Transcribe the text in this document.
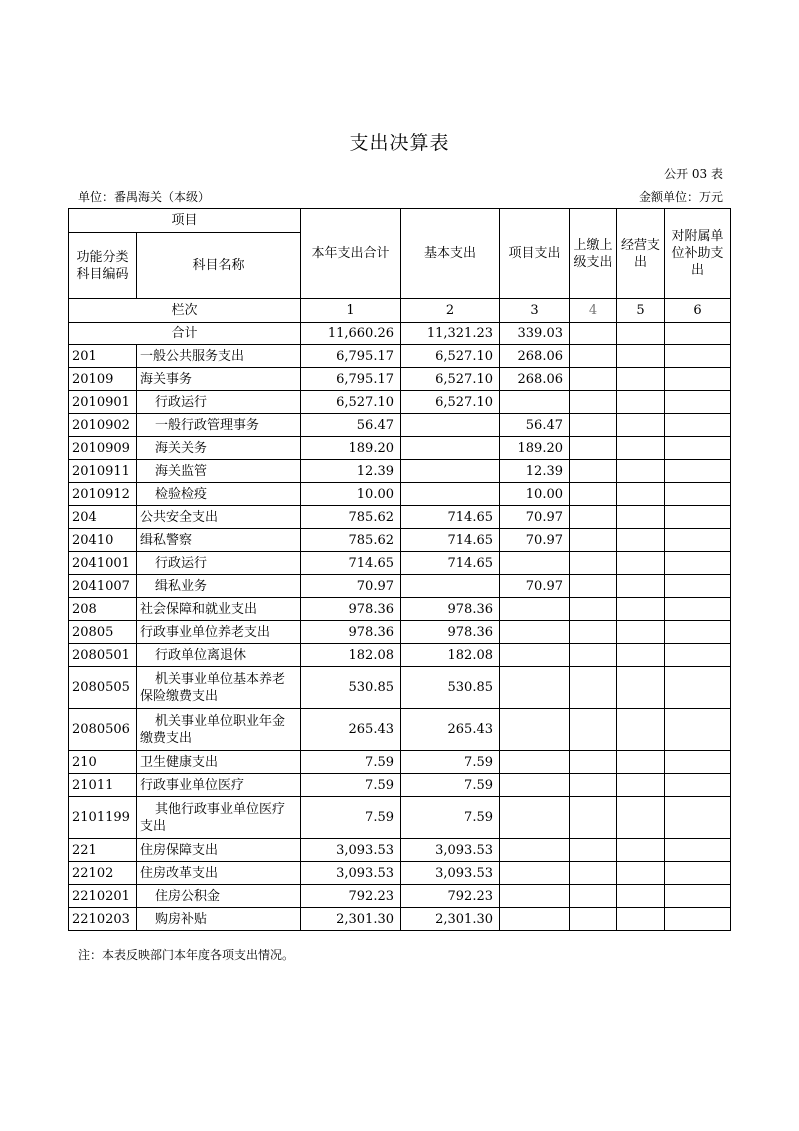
支出决算表
公开 03 表
单位：番禺海关（本级）	金额单位：万元
项目		本年支出合计	基本支出	项目支出	上缴上级支出	经营支出	对附属单位补助支出
功能分类科目编码	科目名称						
栏次		1	2	3	4	5	6
合计		11,660.26	11,321.23	339.03			
201	一般公共服务支出	6,795.17	6,527.10	268.06			
20109	海关事务	6,795.17	6,527.10	268.06			
2010901	行政运行	6,527.10	6,527.10				
2010902	一般行政管理事务	56.47		56.47			
2010909	海关关务	189.20		189.20			
2010911	海关监管	12.39		12.39			
2010912	检验检疫	10.00		10.00			
204	公共安全支出	785.62	714.65	70.97			
20410	缉私警察	785.62	714.65	70.97			
2041001	行政运行	714.65	714.65				
2041007	缉私业务	70.97		70.97			
208	社会保障和就业支出	978.36	978.36				
20805	行政事业单位养老支出	978.36	978.36				
2080501	行政单位离退休	182.08	182.08				
2080505	机关事业单位基本养老保险缴费支出	530.85	530.85				
2080506	机关事业单位职业年金缴费支出	265.43	265.43				
210	卫生健康支出	7.59	7.59				
21011	行政事业单位医疗	7.59	7.59				
2101199	其他行政事业单位医疗支出	7.59	7.59				
221	住房保障支出	3,093.53	3,093.53				
22102	住房改革支出	3,093.53	3,093.53				
2210201	住房公积金	792.23	792.23				
2210203	购房补贴	2,301.30	2,301.30				
注：本表反映部门本年度各项支出情况。
